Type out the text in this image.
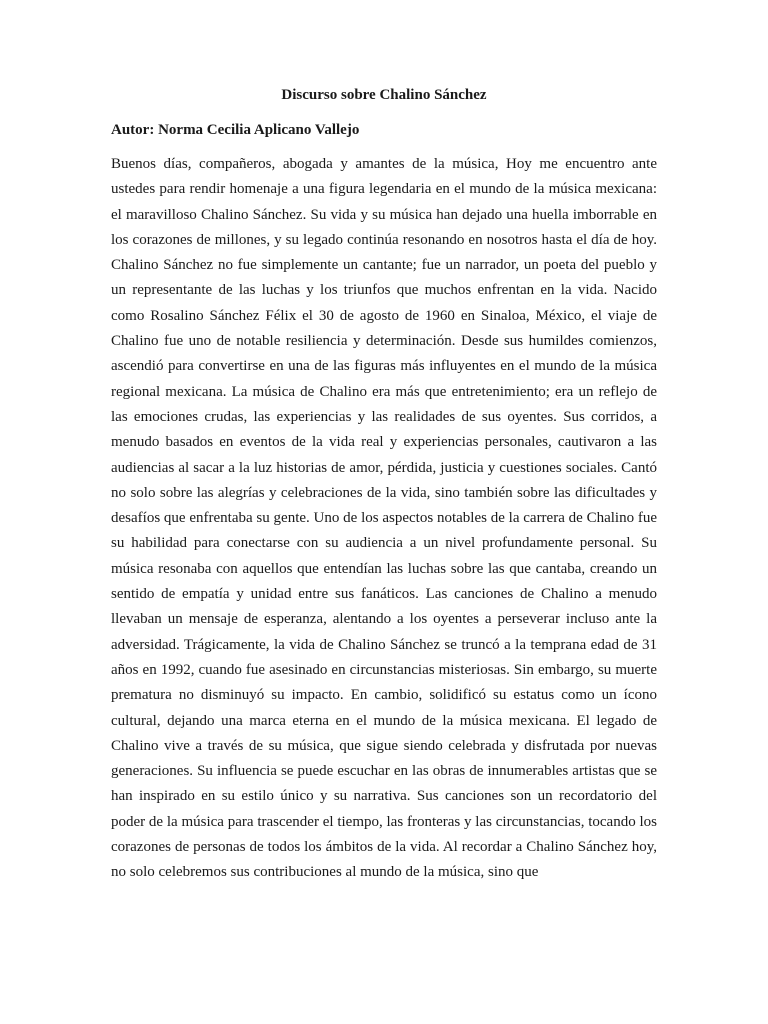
Discurso sobre Chalino Sánchez

Autor: Norma Cecilia Aplicano Vallejo

Buenos días, compañeros, abogada y amantes de la música, Hoy me encuentro ante ustedes para rendir homenaje a una figura legendaria en el mundo de la música mexicana: el maravilloso Chalino Sánchez. Su vida y su música han dejado una huella imborrable en los corazones de millones, y su legado continúa resonando en nosotros hasta el día de hoy. Chalino Sánchez no fue simplemente un cantante; fue un narrador, un poeta del pueblo y un representante de las luchas y los triunfos que muchos enfrentan en la vida. Nacido como Rosalino Sánchez Félix el 30 de agosto de 1960 en Sinaloa, México, el viaje de Chalino fue uno de notable resiliencia y determinación. Desde sus humildes comienzos, ascendió para convertirse en una de las figuras más influyentes en el mundo de la música regional mexicana. La música de Chalino era más que entretenimiento; era un reflejo de las emociones crudas, las experiencias y las realidades de sus oyentes. Sus corridos, a menudo basados en eventos de la vida real y experiencias personales, cautivaron a las audiencias al sacar a la luz historias de amor, pérdida, justicia y cuestiones sociales. Cantó no solo sobre las alegrías y celebraciones de la vida, sino también sobre las dificultades y desafíos que enfrentaba su gente. Uno de los aspectos notables de la carrera de Chalino fue su habilidad para conectarse con su audiencia a un nivel profundamente personal. Su música resonaba con aquellos que entendían las luchas sobre las que cantaba, creando un sentido de empatía y unidad entre sus fanáticos. Las canciones de Chalino a menudo llevaban un mensaje de esperanza, alentando a los oyentes a perseverar incluso ante la adversidad. Trágicamente, la vida de Chalino Sánchez se truncó a la temprana edad de 31 años en 1992, cuando fue asesinado en circunstancias misteriosas. Sin embargo, su muerte prematura no disminuyó su impacto. En cambio, solidificó su estatus como un ícono cultural, dejando una marca eterna en el mundo de la música mexicana. El legado de Chalino vive a través de su música, que sigue siendo celebrada y disfrutada por nuevas generaciones. Su influencia se puede escuchar en las obras de innumerables artistas que se han inspirado en su estilo único y su narrativa. Sus canciones son un recordatorio del poder de la música para trascender el tiempo, las fronteras y las circunstancias, tocando los corazones de personas de todos los ámbitos de la vida. Al recordar a Chalino Sánchez hoy, no solo celebremos sus contribuciones al mundo de la música, sino que
